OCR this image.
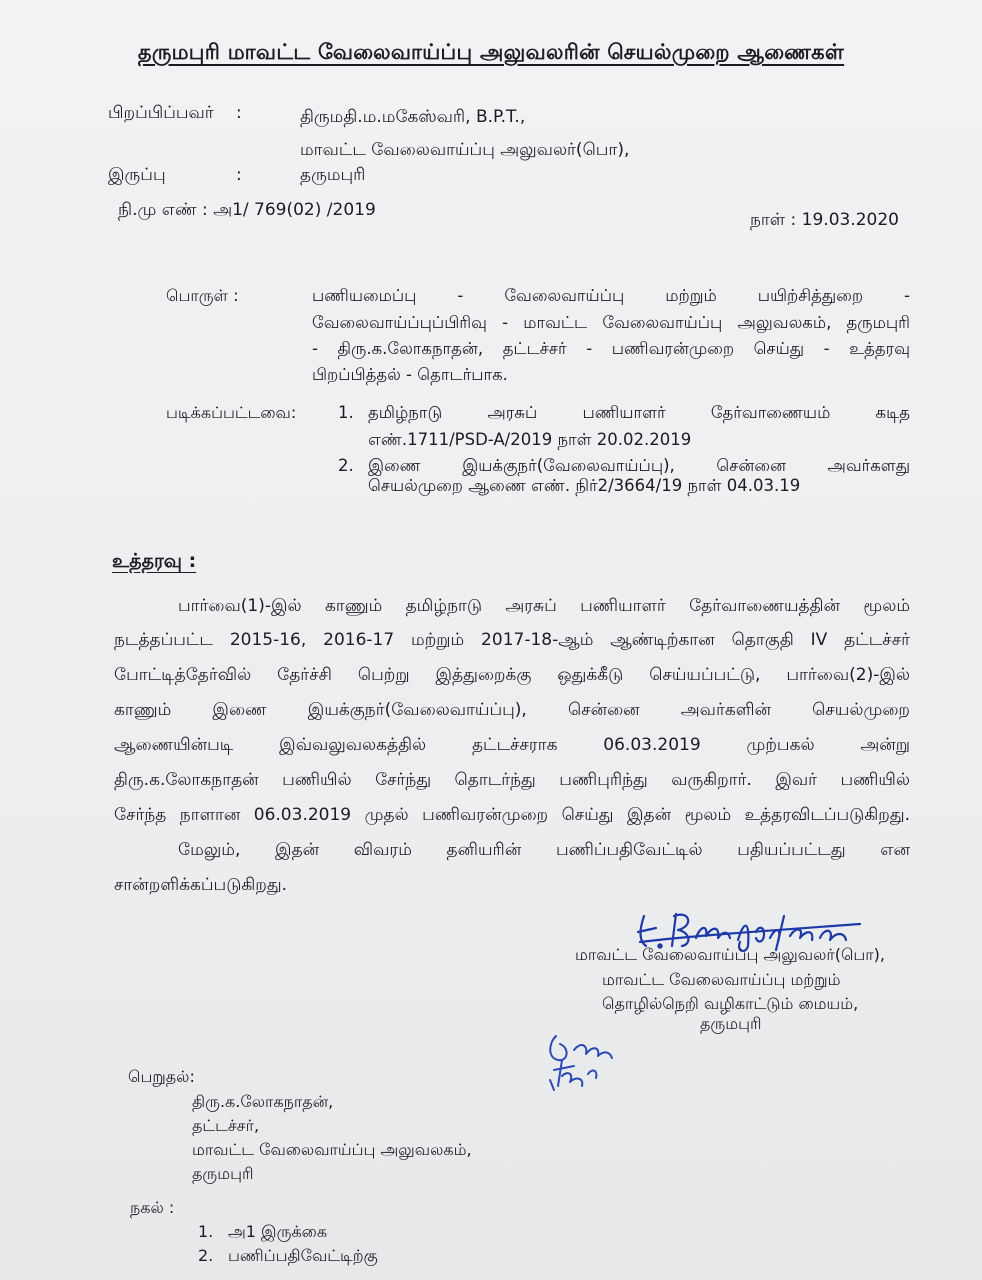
தருமபுரி மாவட்ட வேலைவாய்ப்பு அலுவலரின் செயல்முறை ஆணைகள்
பிறப்பிப்பவர் :	திருமதி.ம.மகேஸ்வரி, B.P.T.,
மாவட்ட வேலைவாய்ப்பு அலுவலர்(பொ),
இருப்பு	:	தருமபுரி
நி.மு எண் : அ1/ 769(02) /2019	நாள் : 19.03.2020
பொருள் :	பணியமைப்பு - வேலைவாய்ப்பு மற்றும் பயிற்சித்துறை -
வேலைவாய்ப்புப்பிரிவு - மாவட்ட வேலைவாய்ப்பு அலுவலகம், தருமபுரி
- திரு.க.லோகநாதன், தட்டச்சர் - பணிவரன்முறை செய்து - உத்தரவு
பிறப்பித்தல் - தொடர்பாக.
படிக்கப்பட்டவை:	1. தமிழ்நாடு அரசுப் பணியாளர் தேர்வாணையம் கடித
எண்.1711/PSD-A/2019 நாள் 20.02.2019
2. இணை இயக்குநர்(வேலைவாய்ப்பு), சென்னை அவர்களது
செயல்முறை ஆணை எண். நிர்2/3664/19 நாள் 04.03.19
உத்தரவு :
பார்வை(1)-இல் காணும் தமிழ்நாடு அரசுப் பணியாளர் தேர்வாணையத்தின் மூலம்
நடத்தப்பட்ட 2015-16, 2016-17 மற்றும் 2017-18-ஆம் ஆண்டிற்கான தொகுதி IV தட்டச்சர்
போட்டித்தேர்வில் தேர்ச்சி பெற்று இத்துறைக்கு ஒதுக்கீடு செய்யப்பட்டு, பார்வை(2)-இல்
காணும் இணை இயக்குநர்(வேலைவாய்ப்பு), சென்னை அவர்களின் செயல்முறை
ஆணையின்படி இவ்வலுவலகத்தில் தட்டச்சராக 06.03.2019 முற்பகல் அன்று
திரு.க.லோகநாதன் பணியில் சேர்ந்து தொடர்ந்து பணிபுரிந்து வருகிறார். இவர் பணியில்
சேர்ந்த நாளான 06.03.2019 முதல் பணிவரன்முறை செய்து இதன் மூலம் உத்தரவிடப்படுகிறது.
மேலும், இதன் விவரம் தனியரின் பணிப்பதிவேட்டில் பதியப்பட்டது என
சான்றளிக்கப்படுகிறது.
மாவட்ட வேலைவாய்ப்பு அலுவலர்(பொ),
மாவட்ட வேலைவாய்ப்பு மற்றும்
தொழில்நெறி வழிகாட்டும் மையம்,
தருமபுரி
பெறுதல்:
திரு.க.லோகநாதன்,
தட்டச்சர்,
மாவட்ட வேலைவாய்ப்பு அலுவலகம்,
தருமபுரி
நகல் :
1. அ1 இருக்கை
2. பணிப்பதிவேட்டிற்கு
